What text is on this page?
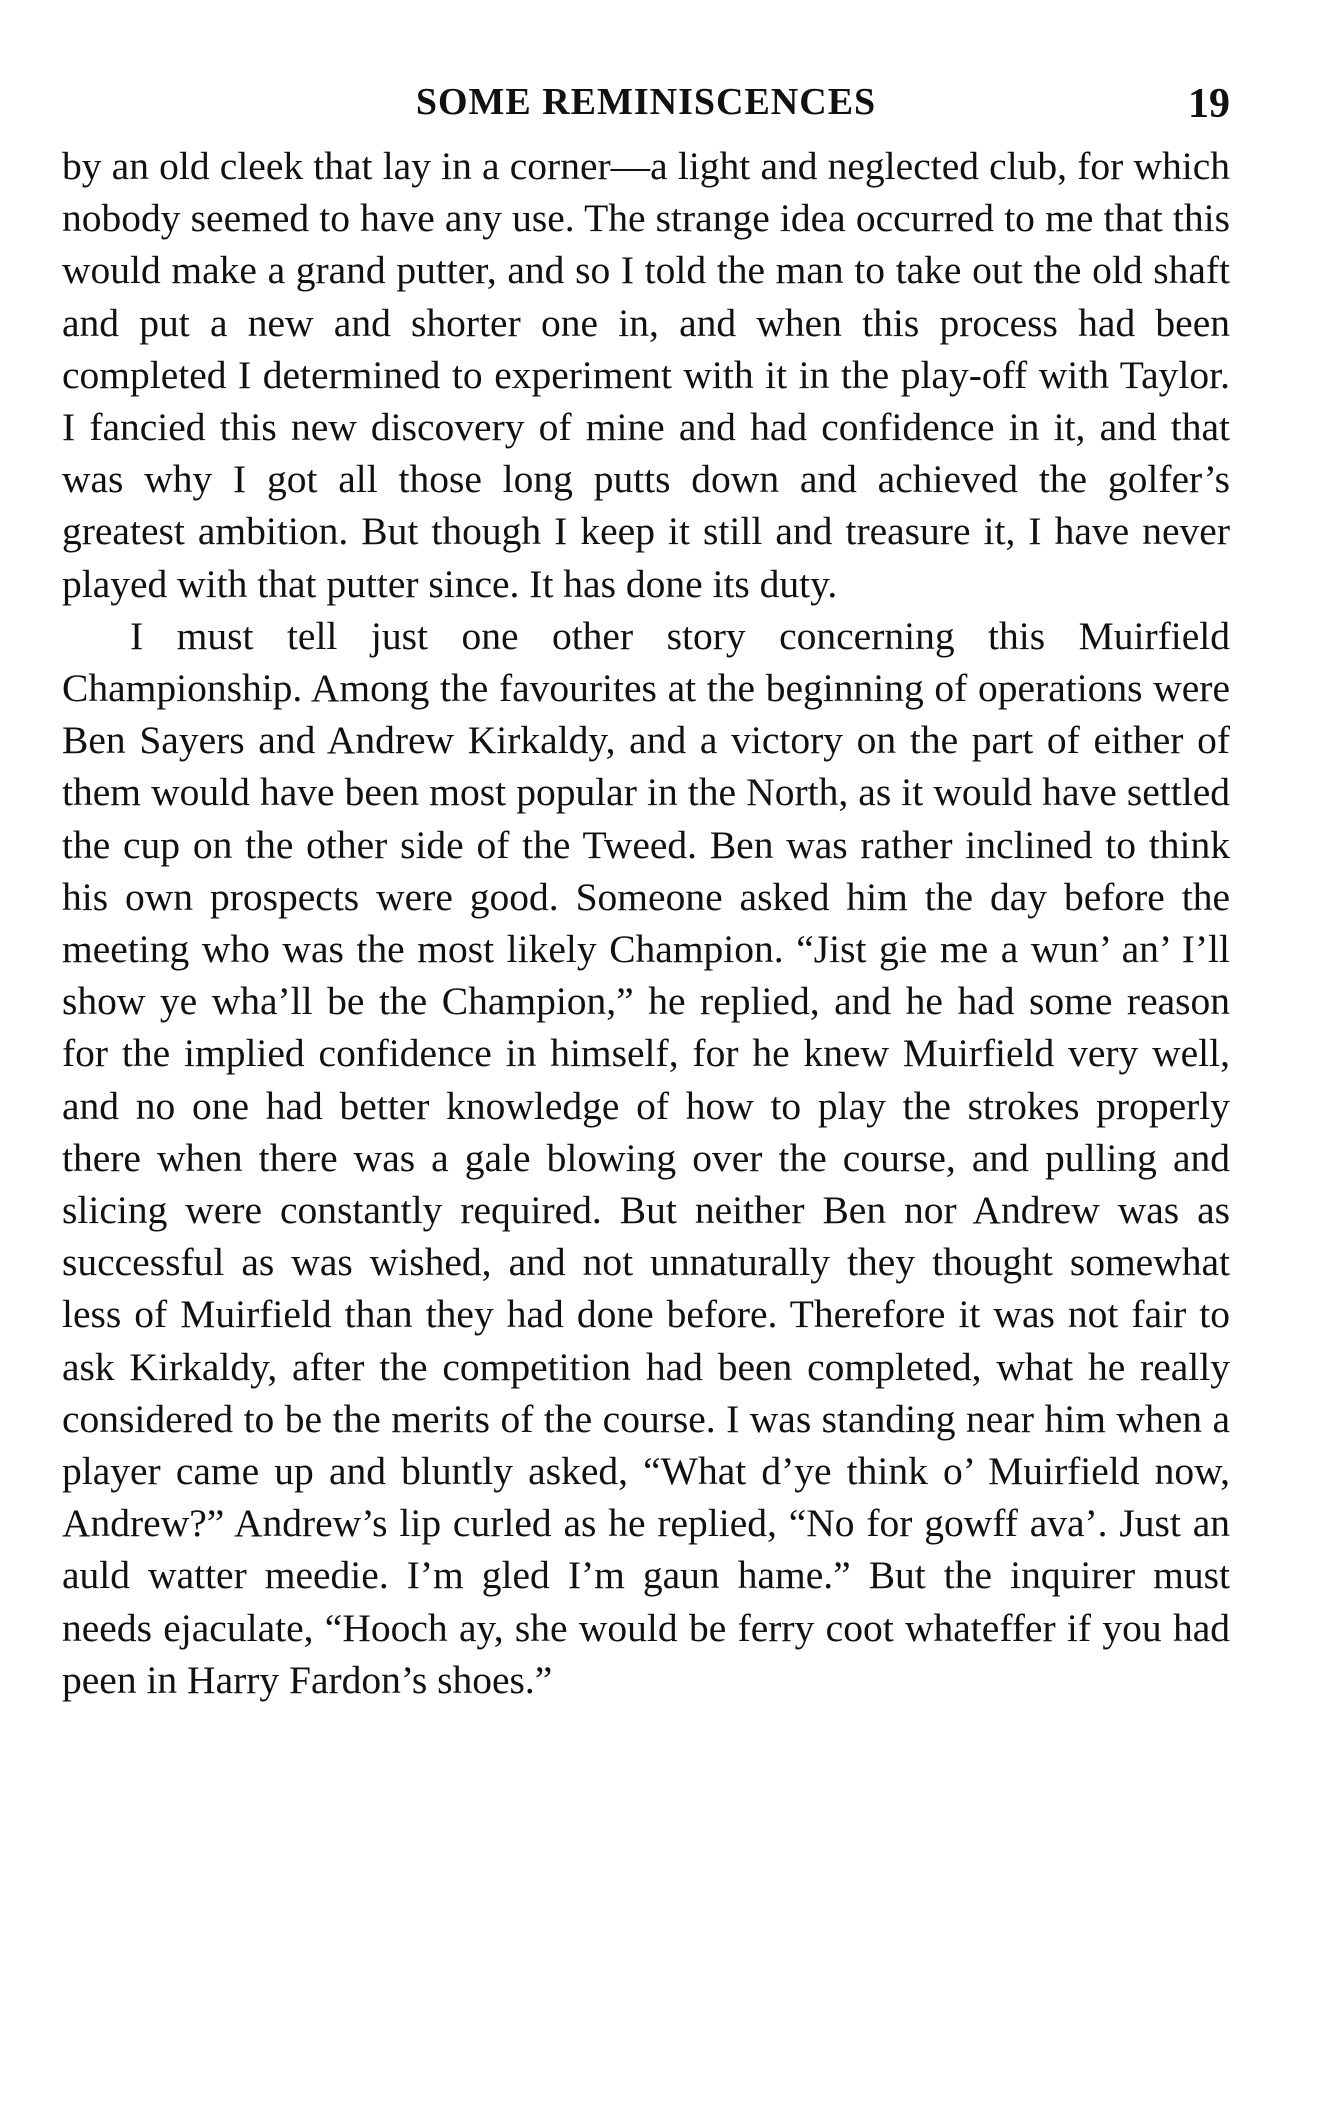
SOME REMINISCENCES	19

by an old cleek that lay in a corner—a light and neglected club, for which nobody seemed to have any use. The strange idea occurred to me that this would make a grand putter, and so I told the man to take out the old shaft and put a new and shorter one in, and when this process had been completed I determined to experiment with it in the play-off with Taylor. I fancied this new discovery of mine and had confidence in it, and that was why I got all those long putts down and achieved the golfer’s greatest ambition. But though I keep it still and treasure it, I have never played with that putter since. It has done its duty.

I must tell just one other story concerning this Muirfield Championship. Among the favourites at the beginning of operations were Ben Sayers and Andrew Kirkaldy, and a victory on the part of either of them would have been most popular in the North, as it would have settled the cup on the other side of the Tweed. Ben was rather inclined to think his own prospects were good. Someone asked him the day before the meeting who was the most likely Champion. “Jist gie me a wun’ an’ I’ll show ye wha’ll be the Champion,” he replied, and he had some reason for the implied confidence in himself, for he knew Muirfield very well, and no one had better knowledge of how to play the strokes properly there when there was a gale blowing over the course, and pulling and slicing were constantly required. But neither Ben nor Andrew was as successful as was wished, and not unnaturally they thought somewhat less of Muirfield than they had done before. Therefore it was not fair to ask Kirkaldy, after the competition had been completed, what he really considered to be the merits of the course. I was standing near him when a player came up and bluntly asked, “What d’ye think o’ Muirfield now, Andrew?” Andrew’s lip curled as he replied, “No for gowff ava’. Just an auld watter meedie. I’m gled I’m gaun hame.” But the inquirer must needs ejaculate, “Hooch ay, she would be ferry coot whateffer if you had peen in Harry Fardon’s shoes.”
